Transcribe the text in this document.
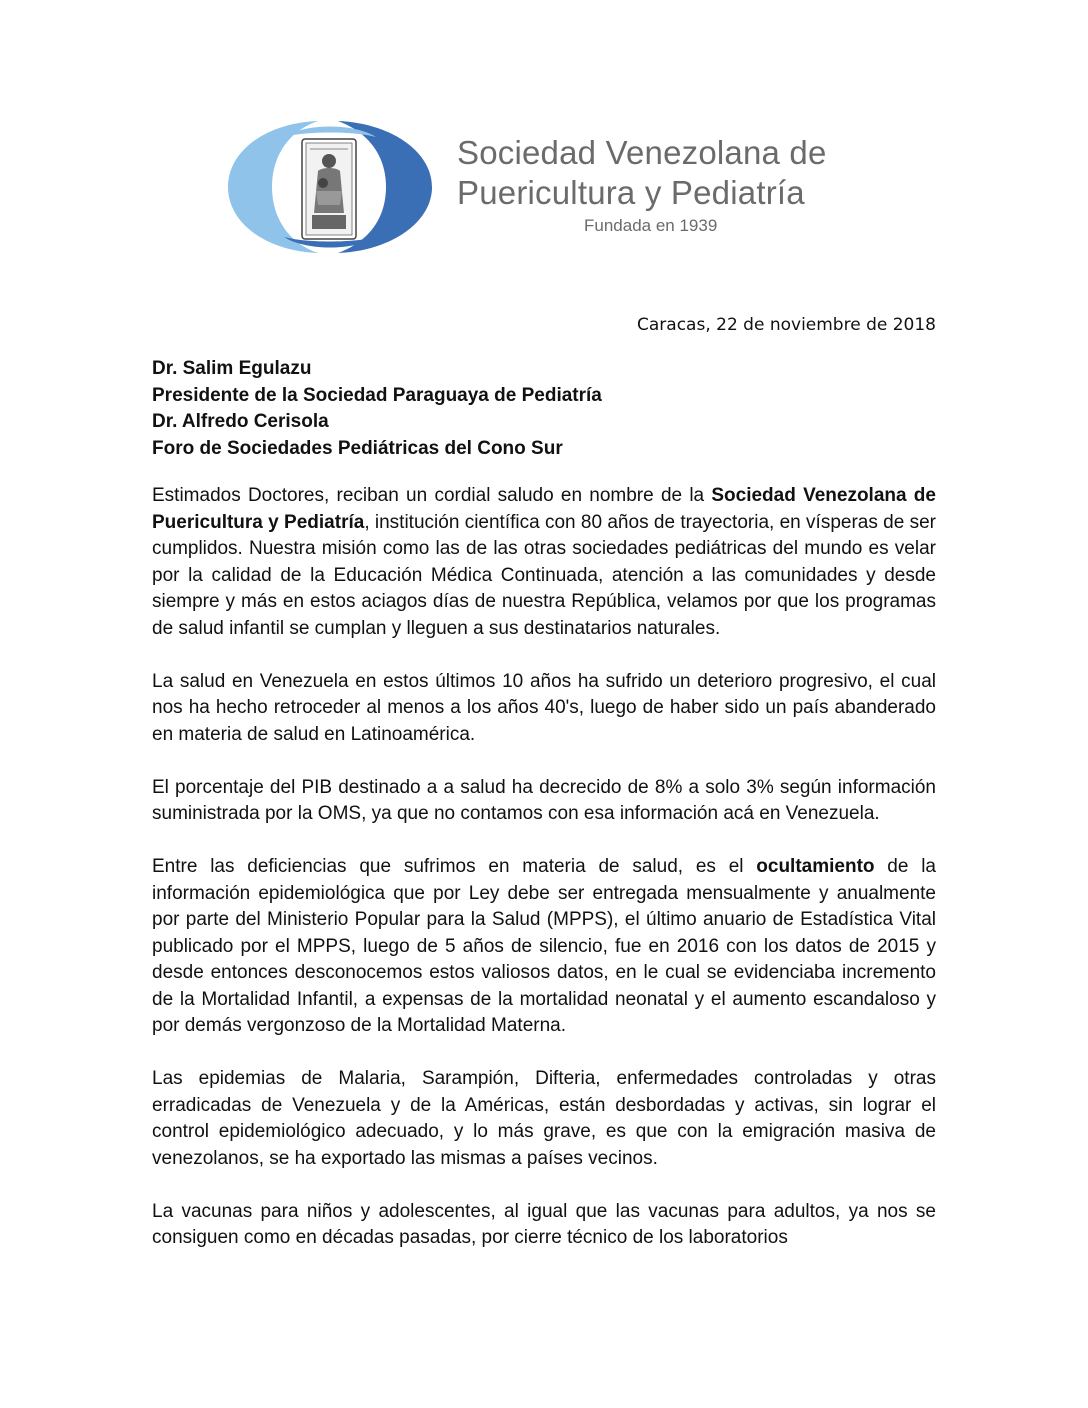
Sociedad Venezolana de
Puericultura y Pediatría
Fundada en 1939
Caracas, 22 de noviembre de 2018
Dr. Salim Egulazu
Presidente de la Sociedad Paraguaya de Pediatría
Dr. Alfredo Cerisola
Foro de Sociedades Pediátricas del Cono Sur

Estimados Doctores, reciban un cordial saludo en nombre de la Sociedad Venezolana de Puericultura y Pediatría, institución científica con 80 años de trayectoria, en vísperas de ser cumplidos. Nuestra misión como las de las otras sociedades pediátricas del mundo es velar por la calidad de la Educación Médica Continuada, atención a las comunidades y desde siempre y más en estos aciagos días de nuestra República, velamos por que los programas de salud infantil se cumplan y lleguen a sus destinatarios naturales.

La salud en Venezuela en estos últimos 10 años ha sufrido un deterioro progresivo, el cual nos ha hecho retroceder al menos a los años 40's, luego de haber sido un país abanderado en materia de salud en Latinoamérica.

El porcentaje del PIB destinado a a salud ha decrecido de 8% a solo 3% según información suministrada por la OMS, ya que no contamos con esa información acá en Venezuela.

Entre las deficiencias que sufrimos en materia de salud, es el ocultamiento de la información epidemiológica que por Ley debe ser entregada mensualmente y anualmente por parte del Ministerio Popular para la Salud (MPPS), el último anuario de Estadística Vital publicado por el MPPS, luego de 5 años de silencio, fue en 2016 con los datos de 2015 y desde entonces desconocemos estos valiosos datos, en le cual se evidenciaba incremento de la Mortalidad Infantil, a expensas de la mortalidad neonatal y el aumento escandaloso y por demás vergonzoso de la Mortalidad Materna.

Las epidemias de Malaria, Sarampión, Difteria, enfermedades controladas y otras erradicadas de Venezuela y de la Américas, están desbordadas y activas, sin lograr el control epidemiológico adecuado, y lo más grave, es que con la emigración masiva de venezolanos, se ha exportado las mismas a países vecinos.

La vacunas para niños y adolescentes, al igual que las vacunas para adultos, ya nos se consiguen como en décadas pasadas, por cierre técnico de los laboratorios
